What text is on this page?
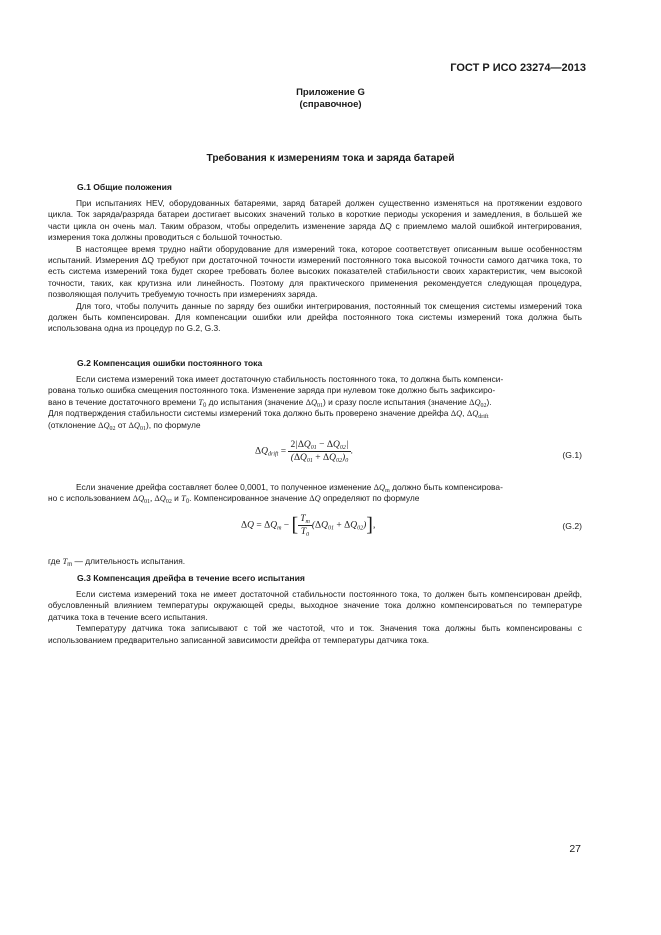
ГОСТ Р ИСО 23274—2013
Приложение G
(справочное)
Требования к измерениям тока и заряда батарей
G.1 Общие положения

При испытаниях HEV, оборудованных батареями, заряд батарей должен существенно изменяться на протяжении ездового цикла. Ток заряда/разряда батареи достигает высоких значений только в короткие периоды ускорения и замедления, в большей же части цикла он очень мал. Таким образом, чтобы определить изменение заряда ΔQ с приемлемо малой ошибкой интегрирования, измерения тока должны проводиться с большой точностью.

В настоящее время трудно найти оборудование для измерений тока, которое соответствует описанным выше особенностям испытаний. Измерения ΔQ требуют при достаточной точности измерений постоянного тока высокой точности самого датчика тока, то есть система измерений тока будет скорее требовать более высоких показателей стабильности своих характеристик, чем высокой точности, таких, как крутизна или линейность. Поэтому для практического применения рекомендуется следующая процедура, позволяющая получить требуемую точность при измерениях заряда.

Для того, чтобы получить данные по заряду без ошибки интегрирования, постоянный ток смещения системы измерений тока должен быть компенсирован. Для компенсации ошибки или дрейфа постоянного тока системы измерений тока должна быть использована одна из процедур по G.2, G.3.

G.2 Компенсация ошибки постоянного тока
Если система измерений тока имеет достаточную стабильность постоянного тока, то должна быть компенси-
рована только ошибка смещения постоянного тока. Изменение заряда при нулевом токе должно быть зафиксиро-
вано в течение достаточного времени $T_0$ до испытания (значение $\Delta Q_{01}$) и сразу после испытания (значение $\Delta Q_{02}$).
Для подтверждения стабильности системы измерений тока должно быть проверено значение дрейфа ΔQ, $\Delta Q_{drift}$
(отклонение $\Delta Q_{02}$ от $\Delta Q_{01}$), по формуле
$\Delta Q_{drift} = \frac{2|\Delta Q_{01} - \Delta Q_{02}|}{(\Delta Q_{01} + \Delta Q_{02})_0}$ .	(G.1)
Если значение дрейфа составляет более 0,0001, то полученное изменение $\Delta Q_m$ должно быть компенсирова-
но с использованием $\Delta Q_{01}$, $\Delta Q_{02}$ и $T_0$. Компенсированное значение ΔQ определяют по формуле
$\Delta Q = \Delta Q_m$ − [ $\frac{T_m}{T_0} (\Delta Q_{01} + \Delta Q_{02})$],	(G.2)
где $T_m$ — длительность испытания.
G.3 Компенсация дрейфа в течение всего испытания

Если система измерений тока не имеет достаточной стабильности постоянного тока, то должен быть компенсирован дрейф, обусловленный влиянием температуры окружающей среды, выходное значение тока должно компенсироваться по температуре датчика тока в течение всего испытания.

Температуру датчика тока записывают с той же частотой, что и ток. Значения тока должны быть компенсированы с использованием предварительно записанной зависимости дрейфа от температуры датчика тока.

27
